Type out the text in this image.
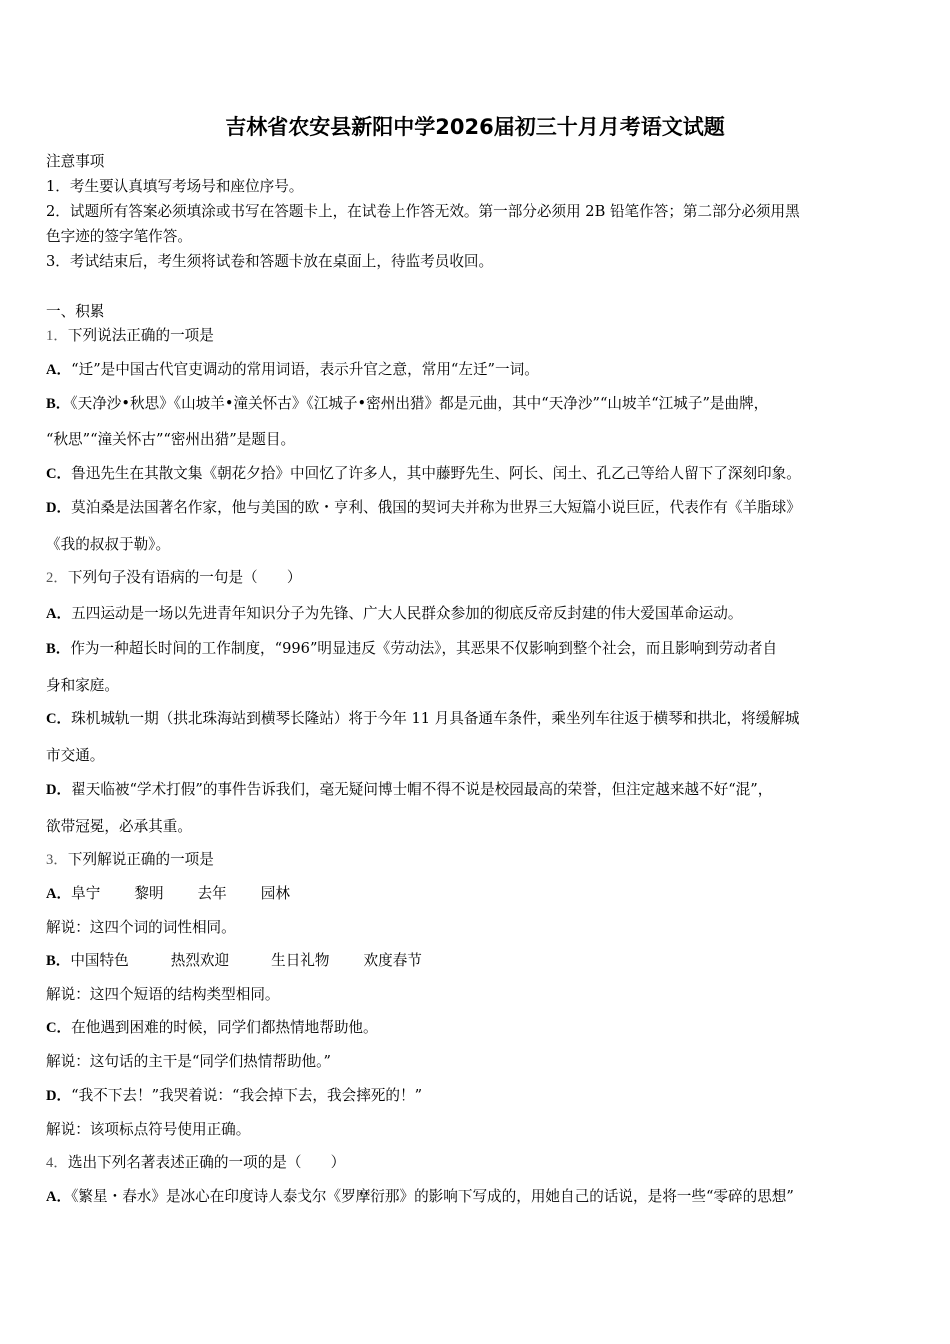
吉林省农安县新阳中学2026届初三十月月考语文试题
注意事项
1．考生要认真填写考场号和座位序号。
2．试题所有答案必须填涂或书写在答题卡上，在试卷上作答无效。第一部分必须用 2B 铅笔作答；第二部分必须用黑
色字迹的签字笔作答。
3．考试结束后，考生须将试卷和答题卡放在桌面上，待监考员收回。
一、积累
1．下列说法正确的一项是
A．“迁”是中国古代官吏调动的常用词语，表示升官之意，常用“左迁”一词。
B．《天净沙•秋思》《山坡羊•潼关怀古》《江城子•密州出猎》都是元曲，其中“天净沙”“山坡羊“江城子”是曲牌，
“秋思”“潼关怀古”“密州出猎”是题目。
C．鲁迅先生在其散文集《朝花夕拾》中回忆了许多人，其中藤野先生、阿长、闰土、孔乙己等给人留下了深刻印象。
D．莫泊桑是法国著名作家，他与美国的欧・亨利、俄国的契诃夫并称为世界三大短篇小说巨匠，代表作有《羊脂球》
《我的叔叔于勒》。
2．下列句子没有语病的一句是（　　）
A．五四运动是一场以先进青年知识分子为先锋、广大人民群众参加的彻底反帝反封建的伟大爱国革命运动。
B．作为一种超长时间的工作制度，“996”明显违反《劳动法》，其恶果不仅影响到整个社会，而且影响到劳动者自
身和家庭。
C．珠机城轨一期（拱北珠海站到横琴长隆站）将于今年 11 月具备通车条件，乘坐列车往返于横琴和拱北，将缓解城
市交通。
D．翟天临被“学术打假”的事件告诉我们，毫无疑问博士帽不得不说是校园最高的荣誉，但注定越来越不好“混”，
欲带冠冕，必承其重。
3．下列解说正确的一项是
A．阜宁 黎明 去年 园林
解说：这四个词的词性相同。
B．中国特色	热烈欢迎	生日礼物 欢度春节
解说：这四个短语的结构类型相同。
C．在他遇到困难的时候，同学们都热情地帮助他。
解说：这句话的主干是“同学们热情帮助他。”
D．“我不下去！”我哭着说：“我会掉下去，我会摔死的！”
解说：该项标点符号使用正确。
4．选出下列名著表述正确的一项的是（　　）
A．《繁星・春水》是冰心在印度诗人泰戈尔《罗摩衍那》的影响下写成的，用她自己的话说，是将一些“零碎的思想”
